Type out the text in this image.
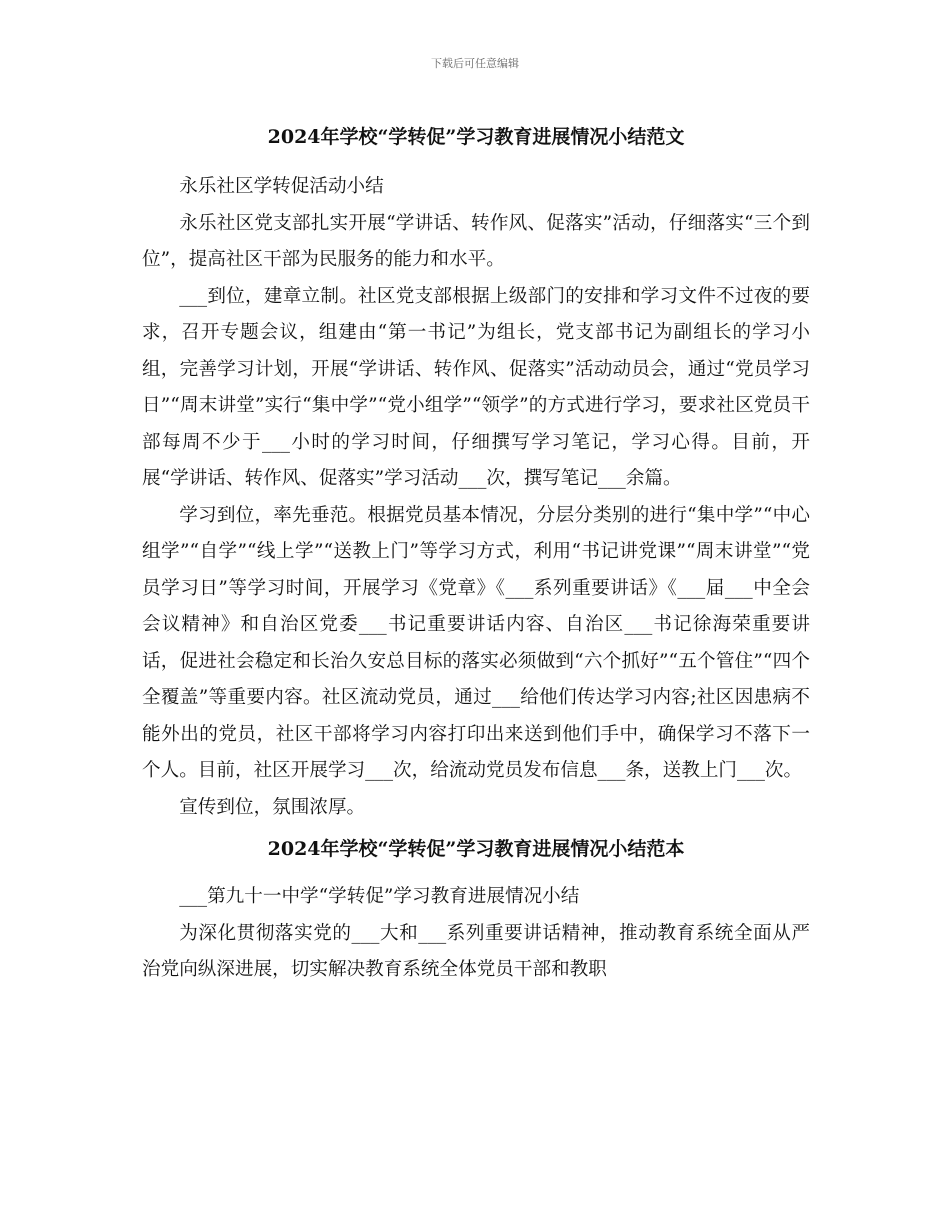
下载后可任意编辑
2024年学校“学转促”学习教育进展情况小结范文

永乐社区学转促活动小结

永乐社区党支部扎实开展“学讲话、转作风、促落实”活动，仔细落实“三个到位”，提高社区干部为民服务的能力和水平。

___到位，建章立制。社区党支部根据上级部门的安排和学习文件不过夜的要求，召开专题会议，组建由“第一书记”为组长，党支部书记为副组长的学习小组，完善学习计划，开展“学讲话、转作风、促落实”活动动员会，通过“党员学习日”“周末讲堂”实行“集中学”“党小组学”“领学”的方式进行学习，要求社区党员干部每周不少于___小时的学习时间，仔细撰写学习笔记，学习心得。目前，开展“学讲话、转作风、促落实”学习活动___次，撰写笔记___余篇。

学习到位，率先垂范。根据党员基本情况，分层分类别的进行“集中学”“中心组学”“自学”“线上学”“送教上门”等学习方式，利用“书记讲党课”“周末讲堂”“党员学习日”等学习时间，开展学习《党章》《___系列重要讲话》《___届___中全会会议精神》和自治区党委___书记重要讲话内容、自治区___书记徐海荣重要讲话，促进社会稳定和长治久安总目标的落实必须做到“六个抓好”“五个管住”“四个全覆盖”等重要内容。社区流动党员，通过___给他们传达学习内容;社区因患病不能外出的党员，社区干部将学习内容打印出来送到他们手中，确保学习不落下一个人。目前，社区开展学习___次，给流动党员发布信息___条，送教上门___次。

宣传到位，氛围浓厚。

2024年学校“学转促”学习教育进展情况小结范本

___第九十一中学“学转促”学习教育进展情况小结

为深化贯彻落实党的___大和___系列重要讲话精神，推动教育系统全面从严治党向纵深进展，切实解决教育系统全体党员干部和教职
